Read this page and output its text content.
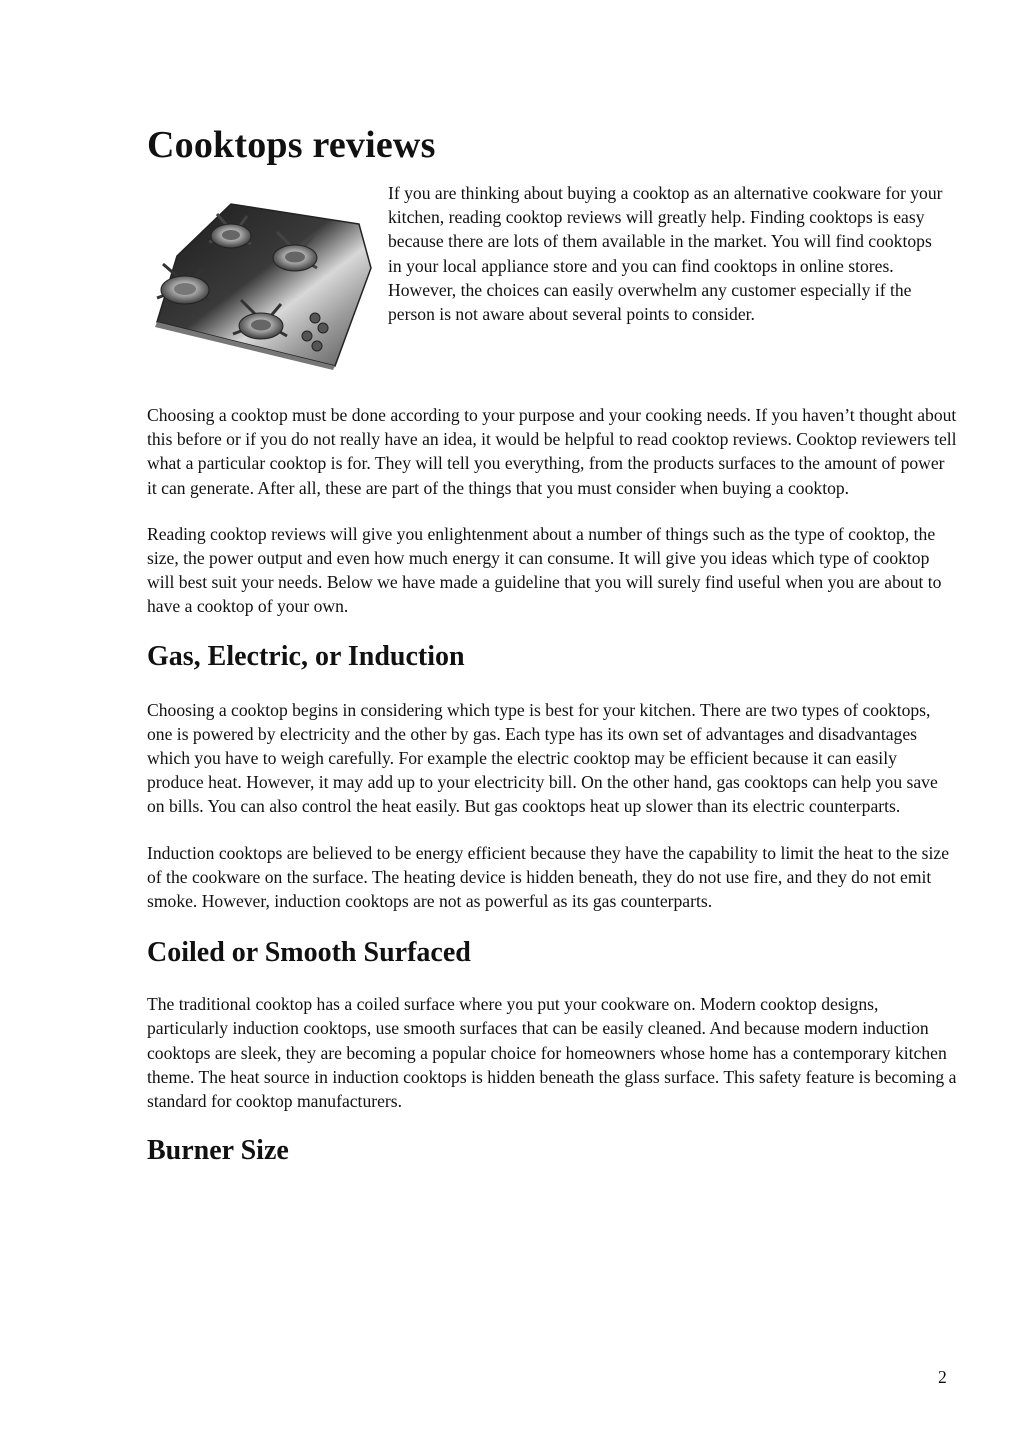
Cooktops reviews

If you are thinking about buying a cooktop as an alternative cookware for your kitchen, reading cooktop reviews will greatly help. Finding cooktops is easy because there are lots of them available in the market. You will find cooktops in your local appliance store and you can find cooktops in online stores. However, the choices can easily overwhelm any customer especially if the person is not aware about several points to consider.

Choosing a cooktop must be done according to your purpose and your cooking needs. If you haven’t thought about this before or if you do not really have an idea, it would be helpful to read cooktop reviews. Cooktop reviewers tell what a particular cooktop is for. They will tell you everything, from the products surfaces to the amount of power it can generate. After all, these are part of the things that you must consider when buying a cooktop.

Reading cooktop reviews will give you enlightenment about a number of things such as the type of cooktop, the size, the power output and even how much energy it can consume. It will give you ideas which type of cooktop will best suit your needs. Below we have made a guideline that you will surely find useful when you are about to have a cooktop of your own.

Gas, Electric, or Induction

Choosing a cooktop begins in considering which type is best for your kitchen. There are two types of cooktops, one is powered by electricity and the other by gas. Each type has its own set of advantages and disadvantages which you have to weigh carefully. For example the electric cooktop may be efficient because it can easily produce heat. However, it may add up to your electricity bill. On the other hand, gas cooktops can help you save on bills. You can also control the heat easily. But gas cooktops heat up slower than its electric counterparts.

Induction cooktops are believed to be energy efficient because they have the capability to limit the heat to the size of the cookware on the surface. The heating device is hidden beneath, they do not use fire, and they do not emit smoke. However, induction cooktops are not as powerful as its gas counterparts.

Coiled or Smooth Surfaced

The traditional cooktop has a coiled surface where you put your cookware on. Modern cooktop designs, particularly induction cooktops, use smooth surfaces that can be easily cleaned. And because modern induction cooktops are sleek, they are becoming a popular choice for homeowners whose home has a contemporary kitchen theme. The heat source in induction cooktops is hidden beneath the glass surface. This safety feature is becoming a standard for cooktop manufacturers.

Burner Size
2
